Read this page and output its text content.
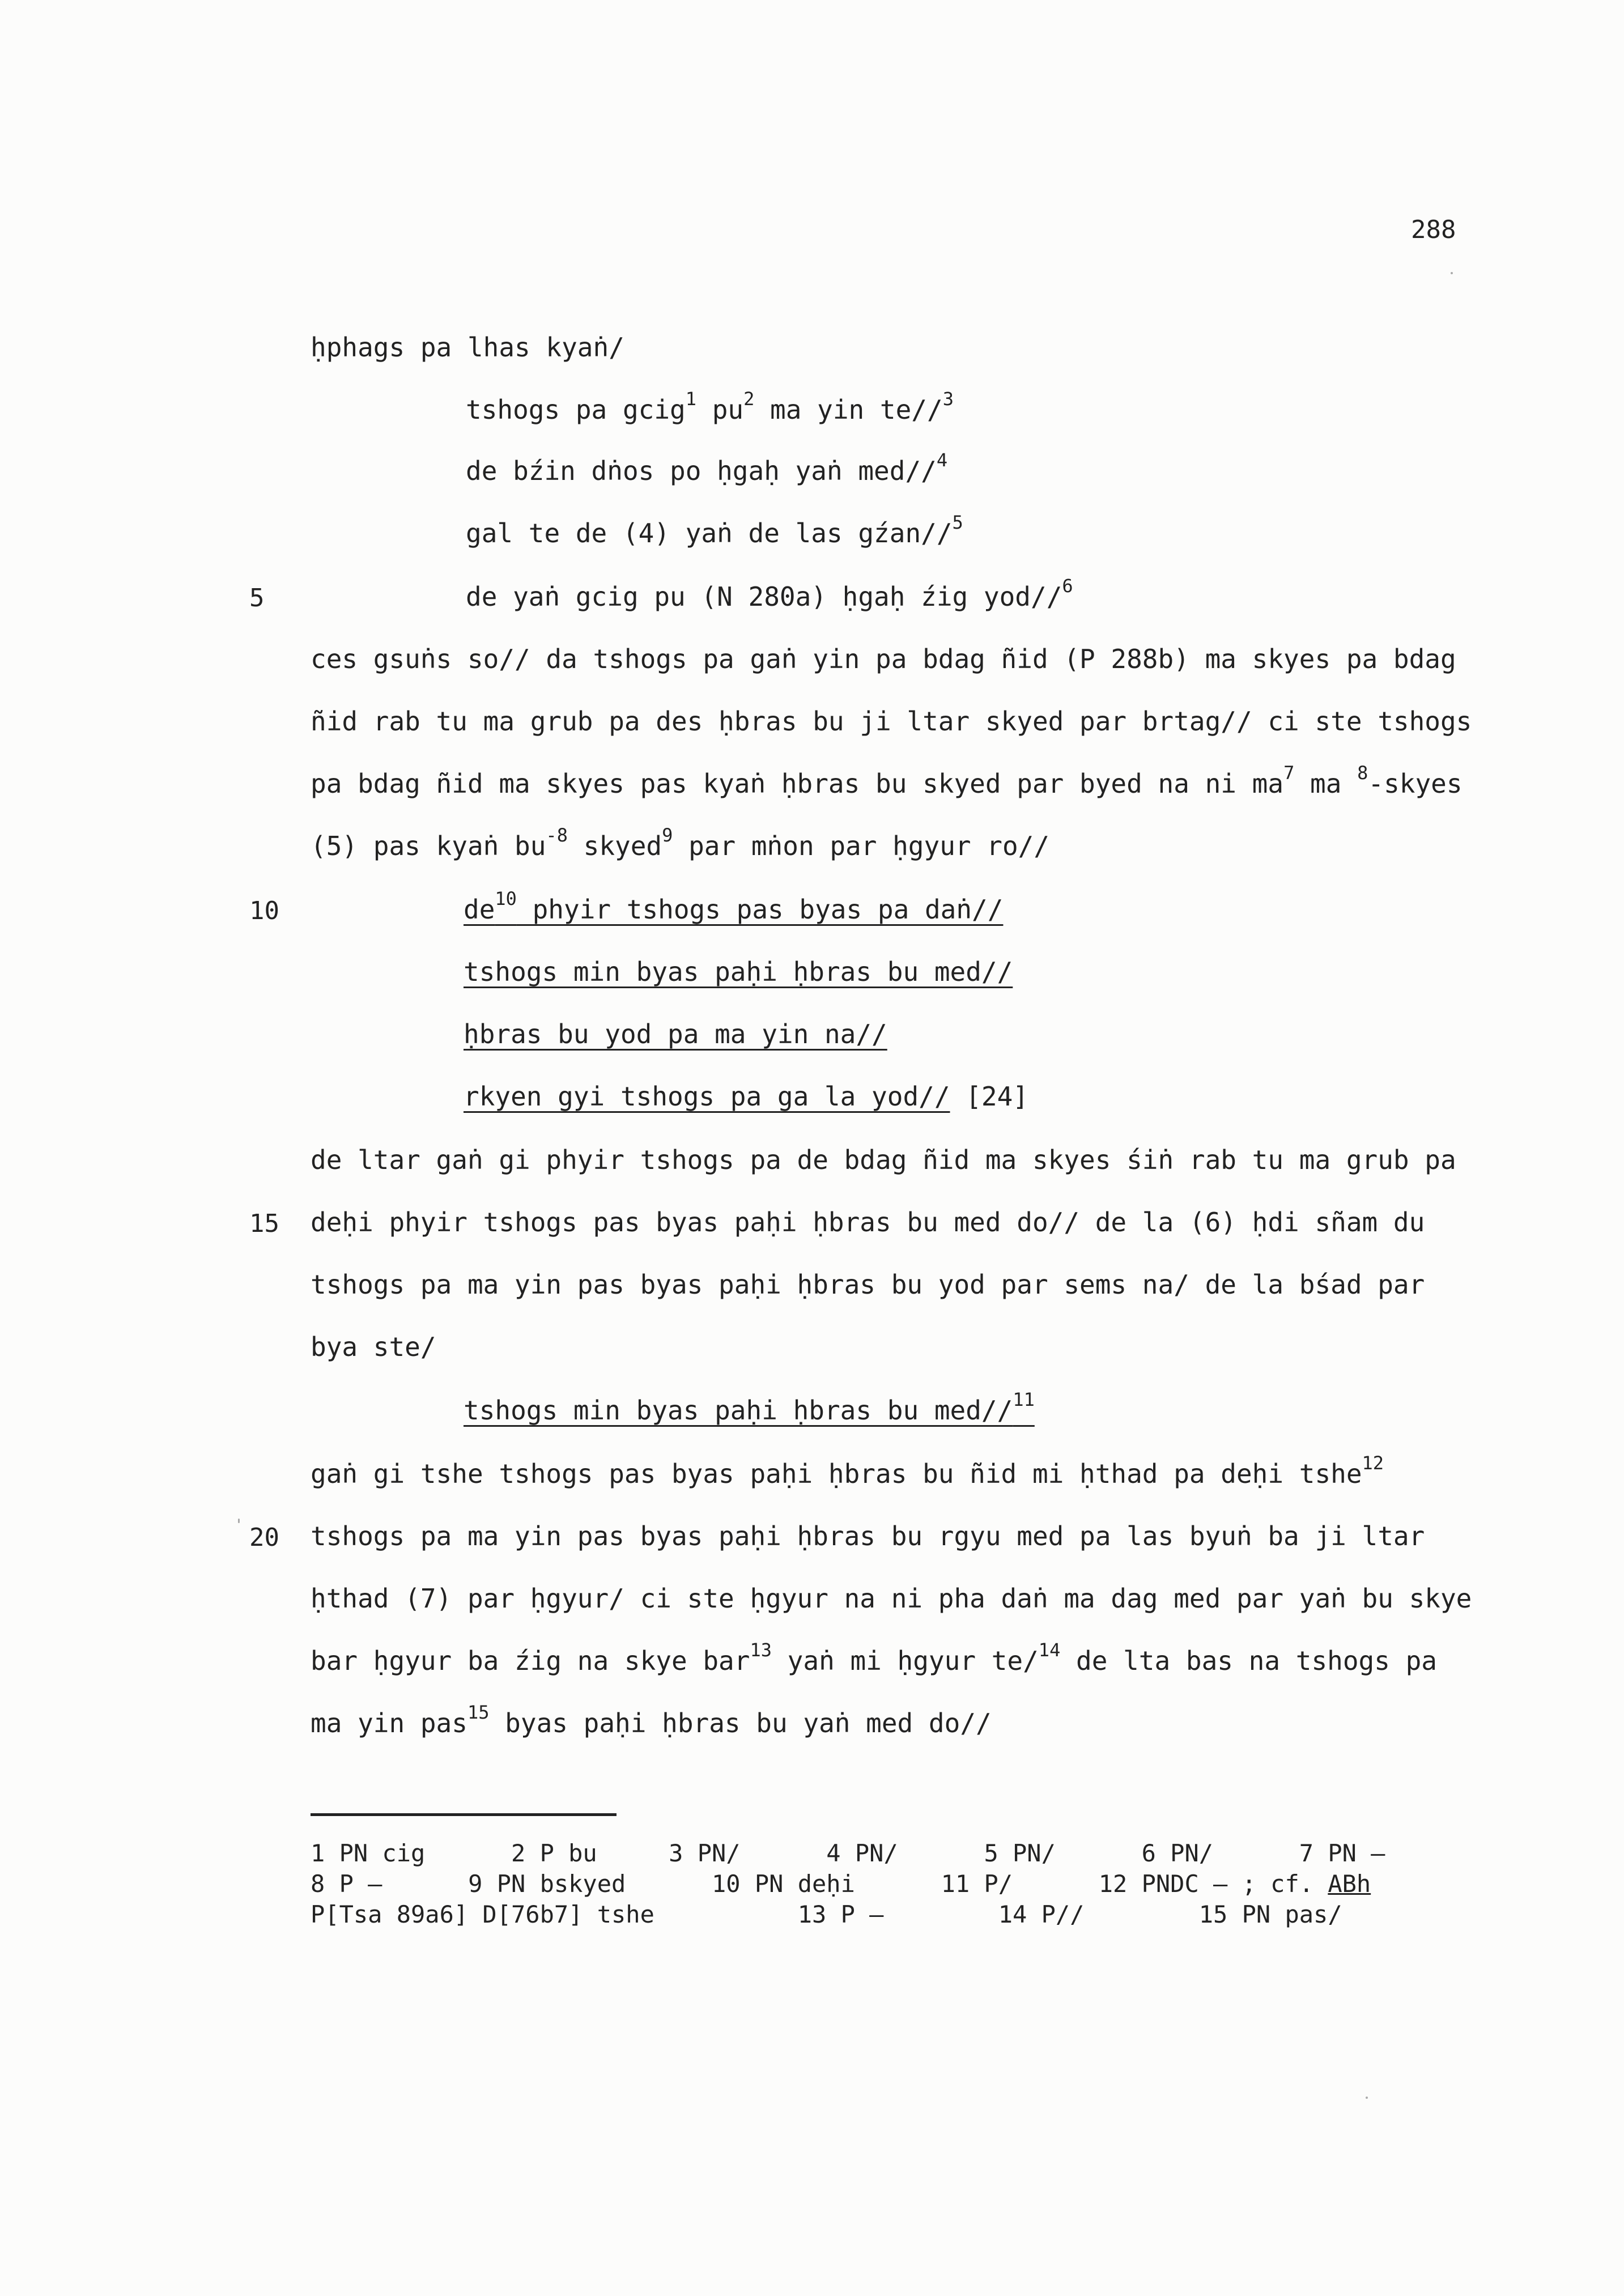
288
ḥphags pa lhas kyaṅ/
tshogs pa gcig$^1$ $pu^2$ ma yin te//$^3$
de bźin dṅos po ḥgaḥ yaṅ med//$^4$
gal te de (4) yaṅ de las gźan//$^5$
5	de yaṅ gcig pu (N 280a) ḥgaḥ źig yod//$^6$
ces gsuṅs so// da tshogs pa gaṅ yin pa bdag ñid (P 288b) ma skyes pa bdag
ñid rab tu ma grub pa des ḥbras bu ji ltar skyed par brtag// ci ste tshogs
pa bdag ñid ma skyes pas kyaṅ ḥbras bu skyed par byed na ni $ma^7$ ma $^8$-skyes
(5) pas kyaṅ $bu^{-8}$ skyed$^9$ par mṅon par ḥgyur ro//
10	$de^{10}$ phyir tshogs pas byas pa daṅ//
tshogs min byas paḥi ḥbras bu med//
ḥbras bu yod pa ma yin na//
rkyen gyi tshogs pa ga la yod// [24]
de ltar gaṅ gi phyir tshogs pa de bdag ñid ma skyes śiṅ rab tu ma grub pa
15	deḥi phyir tshogs pas byas paḥi ḥbras bu med do// de la (6) ḥdi sñam du
tshogs pa ma yin pas byas paḥi ḥbras bu yod par sems na/ de la bśad par
bya ste/
tshogs min byas paḥi ḥbras bu med//$^{11}$
gaṅ gi tshe tshogs pas byas paḥi ḥbras bu ñid mi ḥthad pa deḥi tshe$^{12}$
20	tshogs pa ma yin pas byas paḥi ḥbras bu rgyu med pa las byuṅ ba ji ltar
ḥthad (7) par ḥgyur/ ci ste ḥgyur na ni pha daṅ ma dag med par yaṅ bu skye
bar ḥgyur ba źig na skye bar$^{13}$ yaṅ mi ḥgyur te/$^{14}$ de lta bas na tshogs pa
ma yin pas$^{15}$ byas paḥi ḥbras bu yaṅ med do//
1 PN cig      2 P bu     3 PN/      4 PN/      5 PN/      6 PN/      7 PN —
8 P —      9 PN bskyed      10 PN deḥi      11 P/      12 PNDC — ; cf. ABh
P[Tsa 89a6] D[76b7] tshe          13 P —        14 P//        15 PN pas/
